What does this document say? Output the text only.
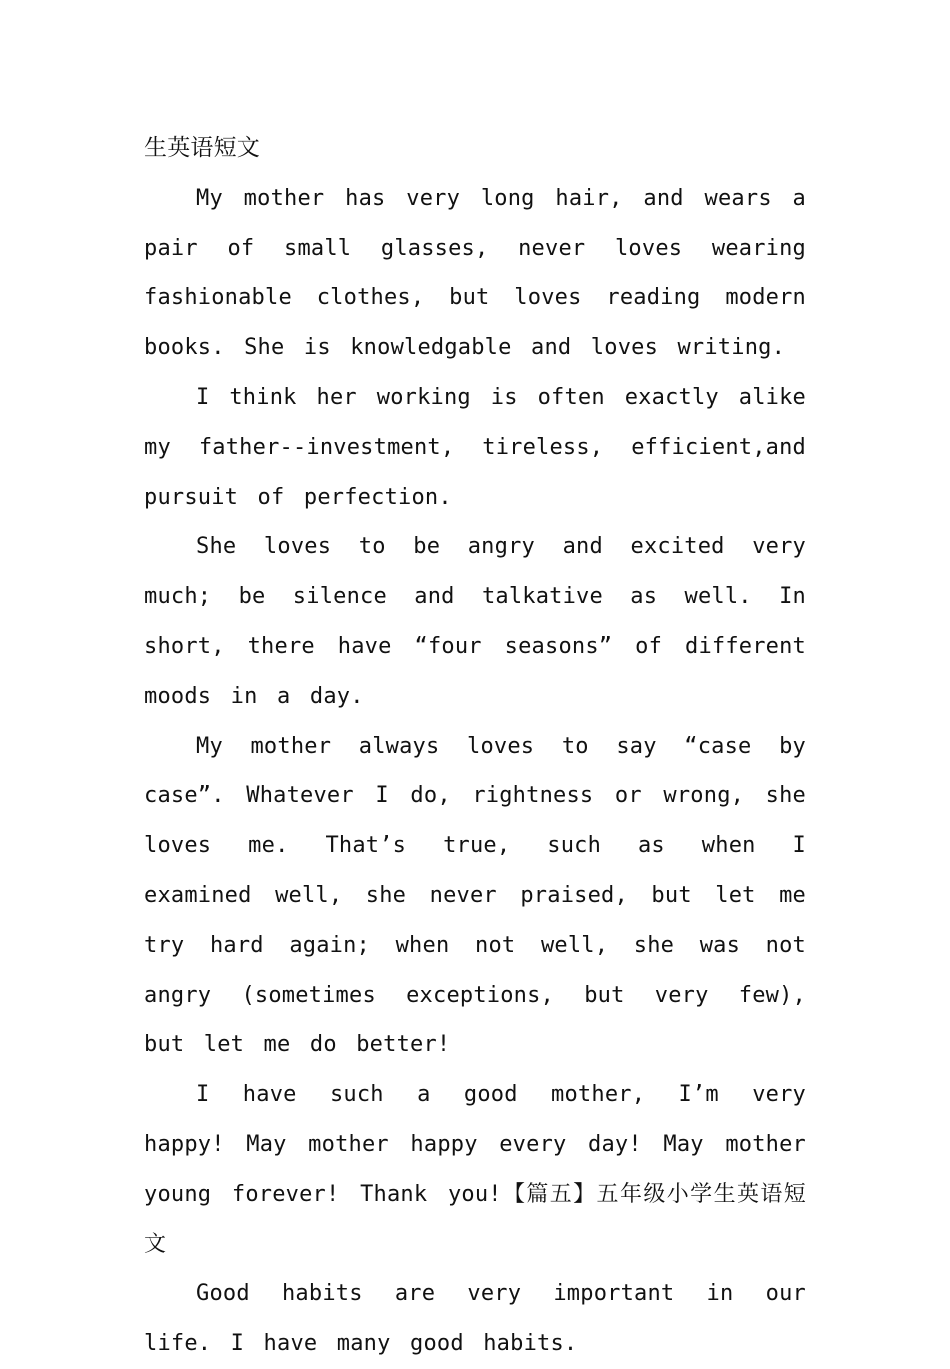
生英语短文

My mother has very long hair, and wears a pair of small glasses, never loves wearing fashionable clothes, but loves reading modern books. She is knowledgable and loves writing.

I think her working is often exactly alike my father--investment, tireless, efficient,and pursuit of perfection.

She loves to be angry and excited very much; be silence and talkative as well. In short, there have “four seasons” of different moods in a day.

My mother always loves to say “case by case”. Whatever I do, rightness or wrong, she loves me. That’s true, such as when I examined well, she never praised, but let me try hard again; when not well, she was not angry (sometimes exceptions, but very few), but let me do better!

I have such a good mother, I’m very happy! May mother happy every day! May mother young forever! Thank you!【篇五】五年级小学生英语短文

Good habits are very important in our life. I have many good habits.
